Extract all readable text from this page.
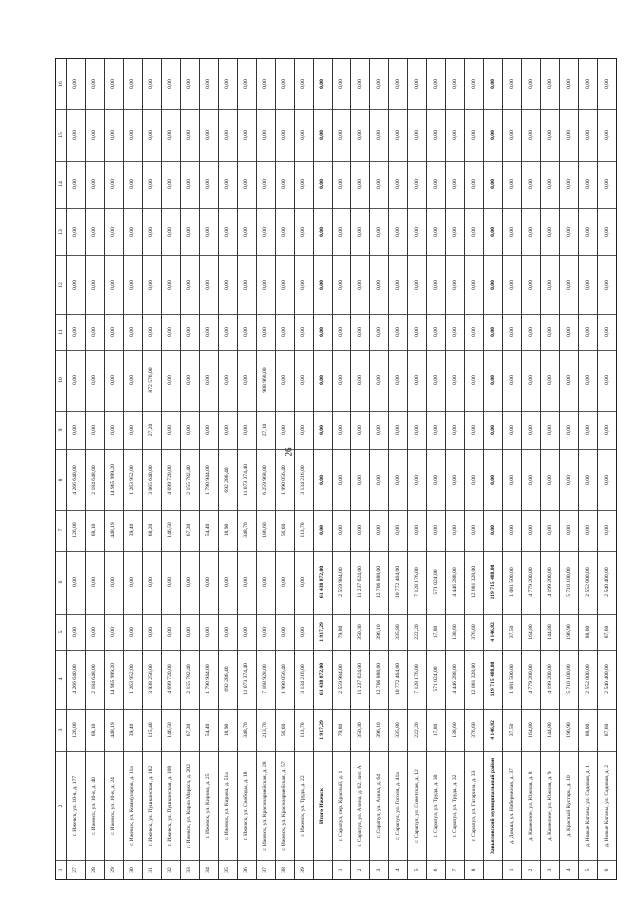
26
1
2
3
4
5
6
7
8
9
10
11
12
13
14
15
16
27
г. Ижевск, ул. 10-я, д. 177
126,00
4 266 640,00
0,00
0,00
126,00
4 266 640,00
0,00
0,00
0,00
0,00
0,00
0,00
0,00
0,00
28
г. Ижевск, ул. 10-я, д. 40
68,10
2 184 648,00
0,00
0,00
68,10
2 184 648,00
0,00
0,00
0,00
0,00
0,00
0,00
0,00
0,00
29
г. Ижевск, ул. 10-я, д. 24
448,19
14 965 999,20
0,00
0,00
448,19
14 965 999,20
0,00
0,00
0,00
0,00
0,00
0,00
0,00
0,00
30
г. Ижевск, ул. Коммунаров, д. 11а
39,40
1 263 952,00
0,00
0,00
39,40
1 263 952,00
0,00
0,00
0,00
0,00
0,00
0,00
0,00
0,00
31
г. Ижевск, ул. Пушкинская, д. 182
115,40
3 938 256,00
0,00
0,00
68,20
3 065 640,00
27,20
872 576,00
0,00
0,00
0,00
0,00
0,00
0,00
32
г. Ижевск, ул. Пушкинская, д. 108
146,50
4 699 720,00
0,00
0,00
146,50
4 699 720,00
0,00
0,00
0,00
0,00
0,00
0,00
0,00
0,00
33
г. Ижевск, ул. Карла Маркса, д. 202
67,30
2 155 782,40
0,00
0,00
67,30
2 155 782,40
0,00
0,00
0,00
0,00
0,00
0,00
0,00
0,00
34
г. Ижевск, ул. Кирова, д. 25
54,40
1 790 944,00
0,00
0,00
54,40
1 790 944,00
0,00
0,00
0,00
0,00
0,00
0,00
0,00
0,00
35
г. Ижевск, ул. Кирова, д. 51а
18,90
692 286,40
0,00
0,00
18,90
692 286,40
0,00
0,00
0,00
0,00
0,00
0,00
0,00
0,00
36
г. Ижевск, ул. Свободы, д. 18
348,70
11 073 374,40
0,00
0,00
348,70
11 073 374,40
0,00
0,00
0,00
0,00
0,00
0,00
0,00
0,00
37
г. Ижевск, ул. Красноармейская, д. 28
213,70
7 168 928,00
0,00
0,00
186,60
6 259 968,00
27,10
908 960,00
0,00
0,00
0,00
0,00
0,00
0,00
38
г. Ижевск, ул. Красноармейская, д. 57
56,60
1 990 056,40
0,00
0,00
56,60
1 990 056,40
0,00
0,00
0,00
0,00
0,00
0,00
0,00
0,00
39
г. Ижевск, ул. Труда, д. 22
113,70
3 134 216,00
0,00
0,00
113,70
3 134 216,00
0,00
0,00
0,00
0,00
0,00
0,00
0,00
0,00
Итого Ижевск
1 917,29
61 438 872,00
1 917,29
61 438 872,00
0,00
0,00
0,00
0,00
0,00
0,00
0,00
0,00
0,00
0,00
1
г. Сарапул, пер. Красный, д. 1
79,80
2 559 984,00
79,80
2 559 984,00
0,00
0,00
0,00
0,00
0,00
0,00
0,00
0,00
0,00
0,00
2
г. Сарапул, ул. Азина, д. 62, лит. А
350,30
11 237 624,00
350,30
11 237 624,00
0,00
0,00
0,00
0,00
0,00
0,00
0,00
0,00
0,00
0,00
3
г. Сарапул, ул. Азина, д. 64
396,10
12 706 888,00
396,10
12 706 888,00
0,00
0,00
0,00
0,00
0,00
0,00
0,00
0,00
0,00
0,00
4
г. Сарапул, ул. Гоголя, д. 41а
335,80
10 772 464,00
335,80
10 772 464,00
0,00
0,00
0,00
0,00
0,00
0,00
0,00
0,00
0,00
0,00
5
г. Сарапул, ул. Советская, д. 12
222,20
7 128 176,00
222,20
7 128 176,00
0,00
0,00
0,00
0,00
0,00
0,00
0,00
0,00
0,00
0,00
6
г. Сарапул, ул. Труда, д. 30
17,80
571 024,00
17,80
571 024,00
0,00
0,00
0,00
0,00
0,00
0,00
0,00
0,00
0,00
0,00
7
г. Сарапул, ул. Труда, д. 32
138,60
4 446 288,00
138,60
4 446 288,00
0,00
0,00
0,00
0,00
0,00
0,00
0,00
0,00
0,00
0,00
8
г. Сарапул, ул. Гагарина, д. 33
376,60
12 081 328,00
376,60
12 081 328,00
0,00
0,00
0,00
0,00
0,00
0,00
0,00
0,00
0,00
0,00
Завьяловский муниципальный район
4 146,82
119 715 488,00
4 146,82
119 715 488,00
0,00
0,00
0,00
0,00
0,00
0,00
0,00
0,00
0,00
0,00
1
д. Докша, ул. Набережная, д. 37
37,50
1 081 500,00
37,50
1 081 500,00
0,00
0,00
0,00
0,00
0,00
0,00
0,00
0,00
0,00
0,00
2
д. Каменное, ул. Южная, д. 8
164,80
4 779 200,00
164,80
4 779 200,00
0,00
0,00
0,00
0,00
0,00
0,00
0,00
0,00
0,00
0,00
3
д. Каменное, ул. Южная, д. 9
144,80
4 199 200,00
144,80
4 199 200,00
0,00
0,00
0,00
0,00
0,00
0,00
0,00
0,00
0,00
0,00
4
д. Красный Кустарь, д. 10
196,90
5 710 100,00
196,90
5 710 100,00
0,00
0,00
0,00
0,00
0,00
0,00
0,00
0,00
0,00
0,00
5
д. Новые Каганы, ул. Садовая, д. 1
88,00
2 552 000,00
88,00
2 552 000,00
0,00
0,00
0,00
0,00
0,00
0,00
0,00
0,00
0,00
0,00
6
д. Новые Каганы, ул. Садовая, д. 2
87,60
2 540 400,00
87,60
2 540 400,00
0,00
0,00
0,00
0,00
0,00
0,00
0,00
0,00
0,00
0,00
